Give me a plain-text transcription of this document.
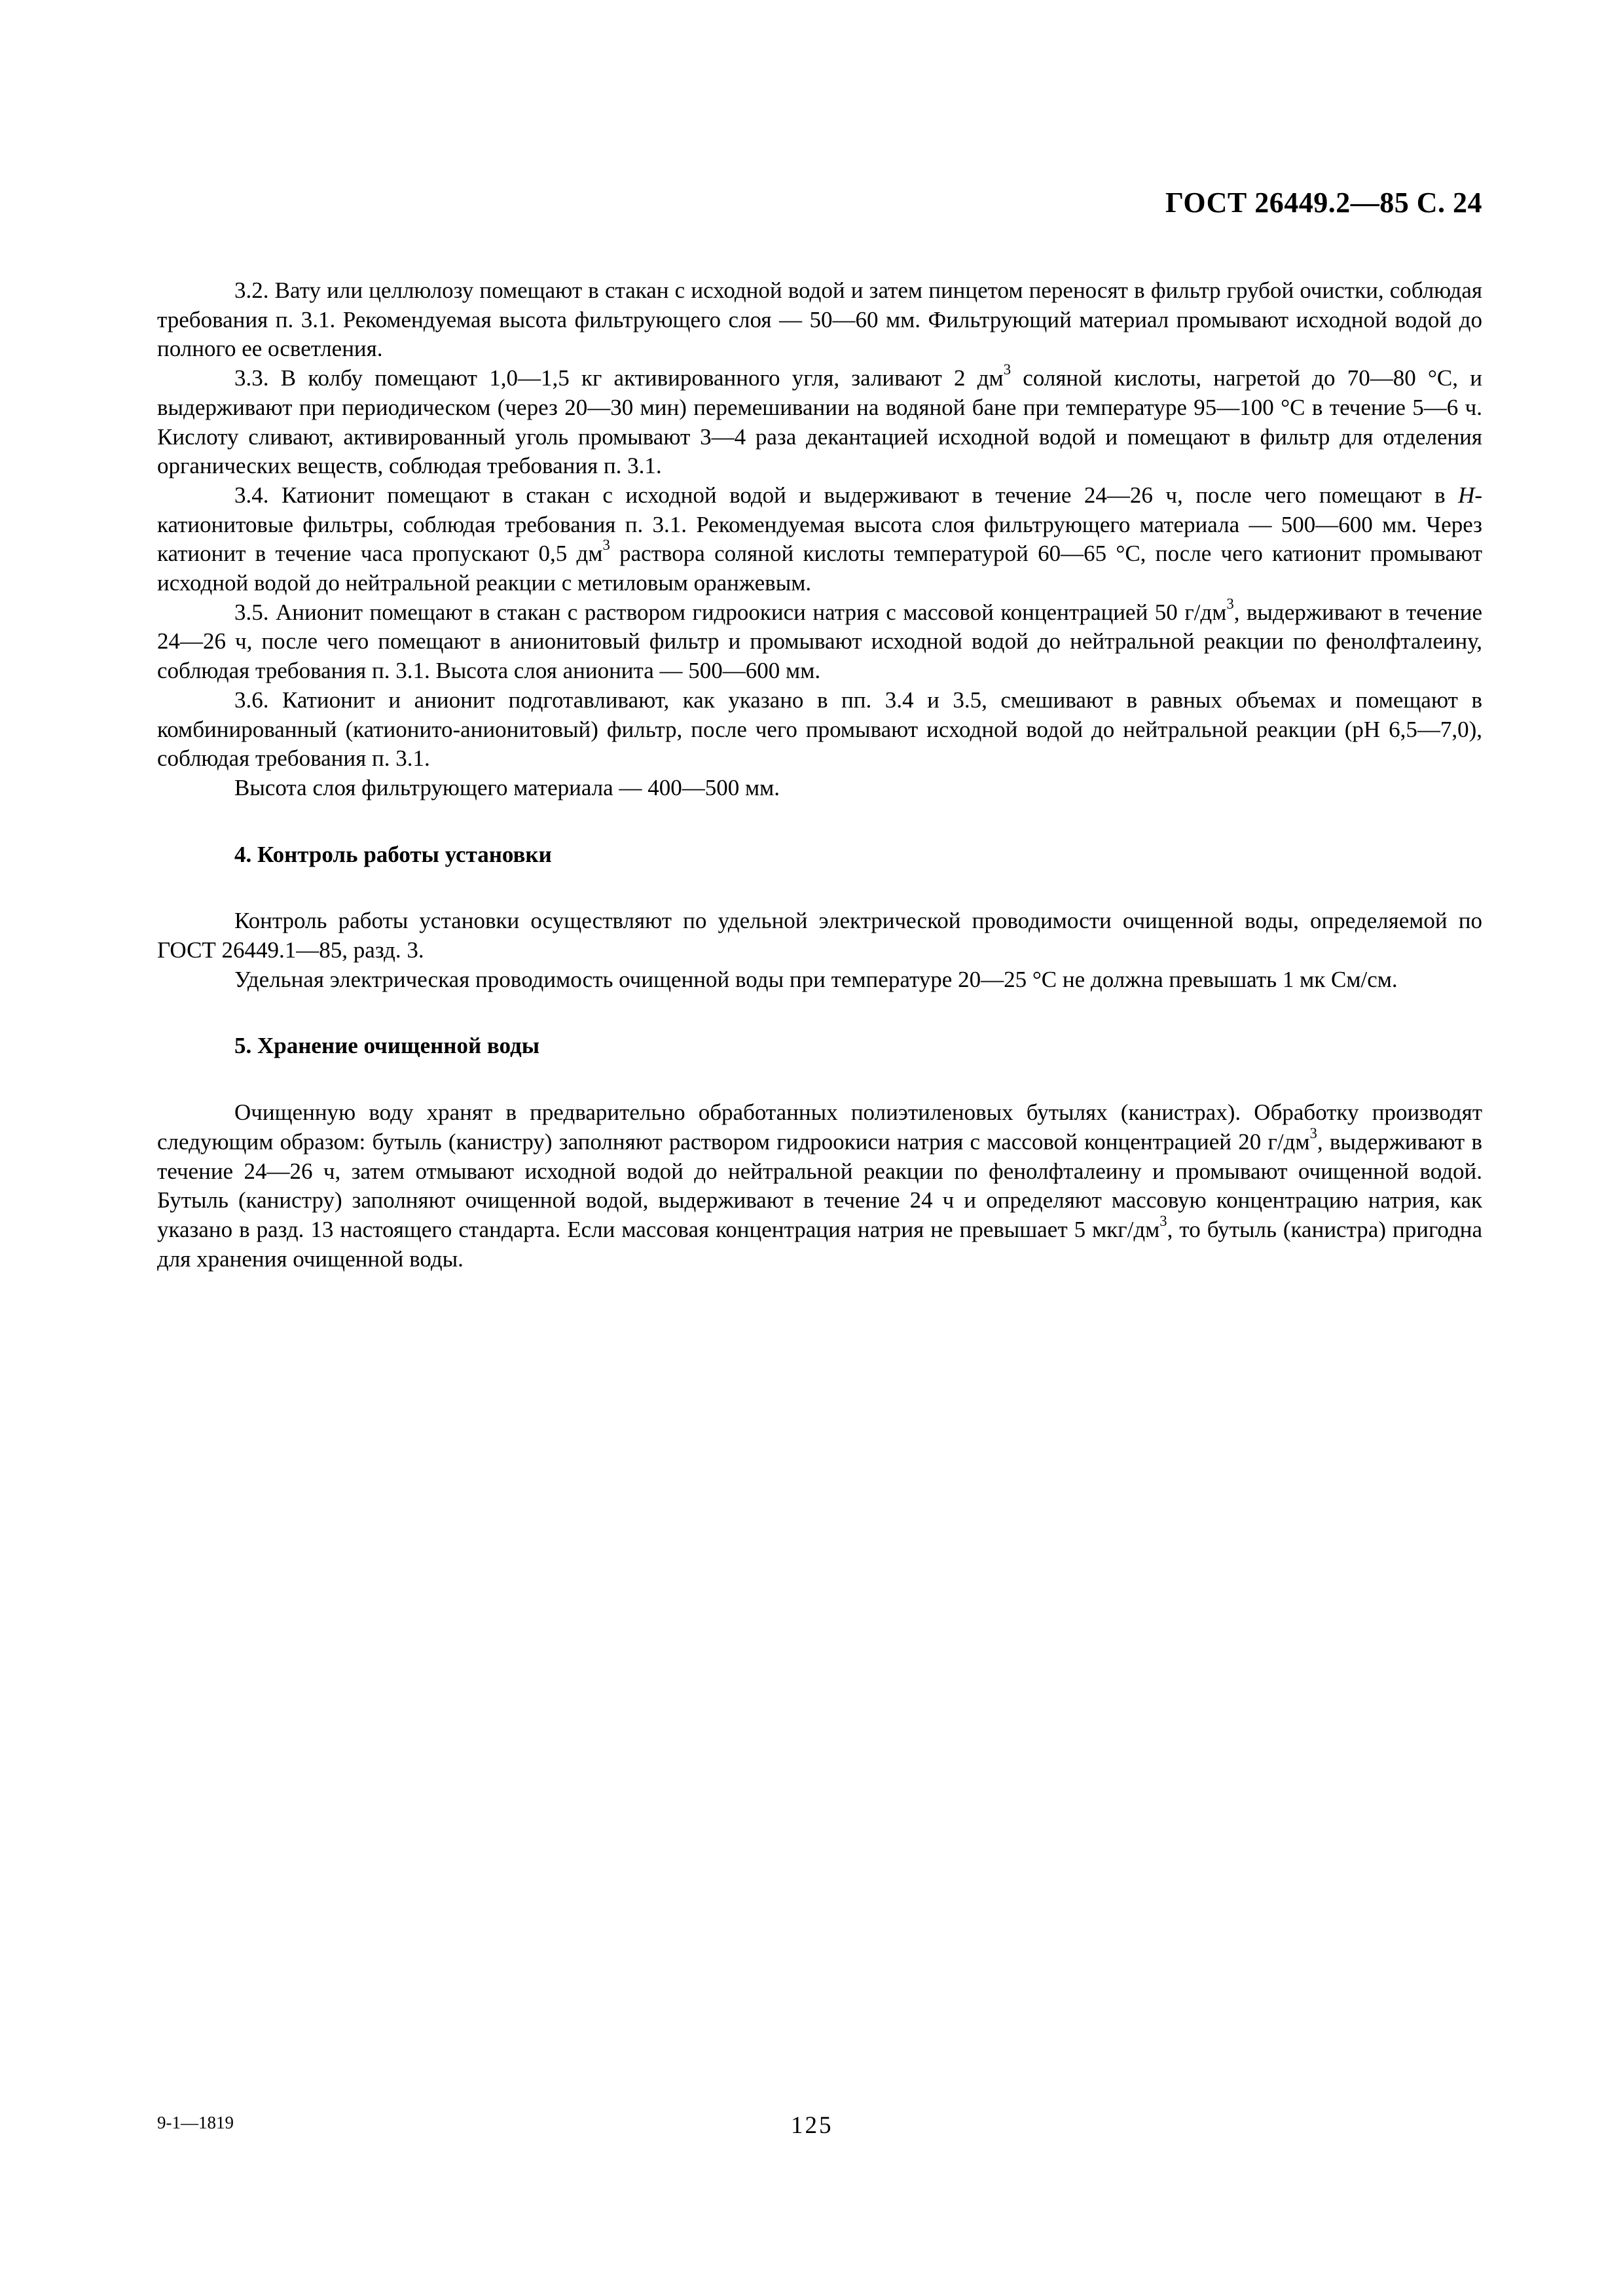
ГОСТ 26449.2—85 С. 24

3.2. Вату или целлюлозу помещают в стакан с исходной водой и затем пинцетом переносят в фильтр грубой очистки, соблюдая требования п. 3.1. Рекомендуемая высота фильтрующего слоя — 50—60 мм. Фильтрующий материал промывают исходной водой до полного ее осветления.

3.3. В колбу помещают 1,0—1,5 кг активированного угля, заливают 2 $дм^3$ соляной кислоты, нагретой до 70—80 °С, и выдерживают при периодическом (через 20—30 мин) перемешивании на водяной бане при температуре 95—100 °С в течение 5—6 ч. Кислоту сливают, активированный уголь промывают 3—4 раза декантацией исходной водой и помещают в фильтр для отделения органических веществ, соблюдая требования п. 3.1.

3.4. Катионит помещают в стакан с исходной водой и выдерживают в течение 24—26 ч, после чего помещают в Н-катионитовые фильтры, соблюдая требования п. 3.1. Рекомендуемая высота слоя фильтрующего материала — 500—600 мм. Через катионит в течение часа пропускают 0,5 $дм^3$ раствора соляной кислоты температурой 60—65 °С, после чего катионит промывают исходной водой до нейтральной реакции с метиловым оранжевым.

3.5. Анионит помещают в стакан с раствором гидроокиси натрия с массовой концентрацией 50 $г/дм^3$, выдерживают в течение 24—26 ч, после чего помещают в анионитовый фильтр и промывают исходной водой до нейтральной реакции по фенолфталеину, соблюдая требования п. 3.1. Высота слоя анионита — 500—600 мм.

3.6. Катионит и анионит подготавливают, как указано в пп. 3.4 и 3.5, смешивают в равных объемах и помещают в комбинированный (катионито-анионитовый) фильтр, после чего промывают исходной водой до нейтральной реакции (рН 6,5—7,0), соблюдая требования п. 3.1.

Высота слоя фильтрующего материала — 400—500 мм.

4. Контроль работы установки

Контроль работы установки осуществляют по удельной электрической проводимости очищенной воды, определяемой по ГОСТ 26449.1—85, разд. 3.

Удельная электрическая проводимость очищенной воды при температуре 20—25 °С не должна превышать 1 мк См/см.

5. Хранение очищенной воды

Очищенную воду хранят в предварительно обработанных полиэтиленовых бутылях (канистрах). Обработку производят следующим образом: бутыль (канистру) заполняют раствором гидроокиси натрия с массовой концентрацией 20 $г/дм^3$, выдерживают в течение 24—26 ч, затем отмывают исходной водой до нейтральной реакции по фенолфталеину и промывают очищенной водой. Бутыль (канистру) заполняют очищенной водой, выдерживают в течение 24 ч и определяют массовую концентрацию натрия, как указано в разд. 13 настоящего стандарта. Если массовая концентрация натрия не превышает 5 мкг/$дм^3$, то бутыль (канистра) пригодна для хранения очищенной воды.

9-1—1819	125
